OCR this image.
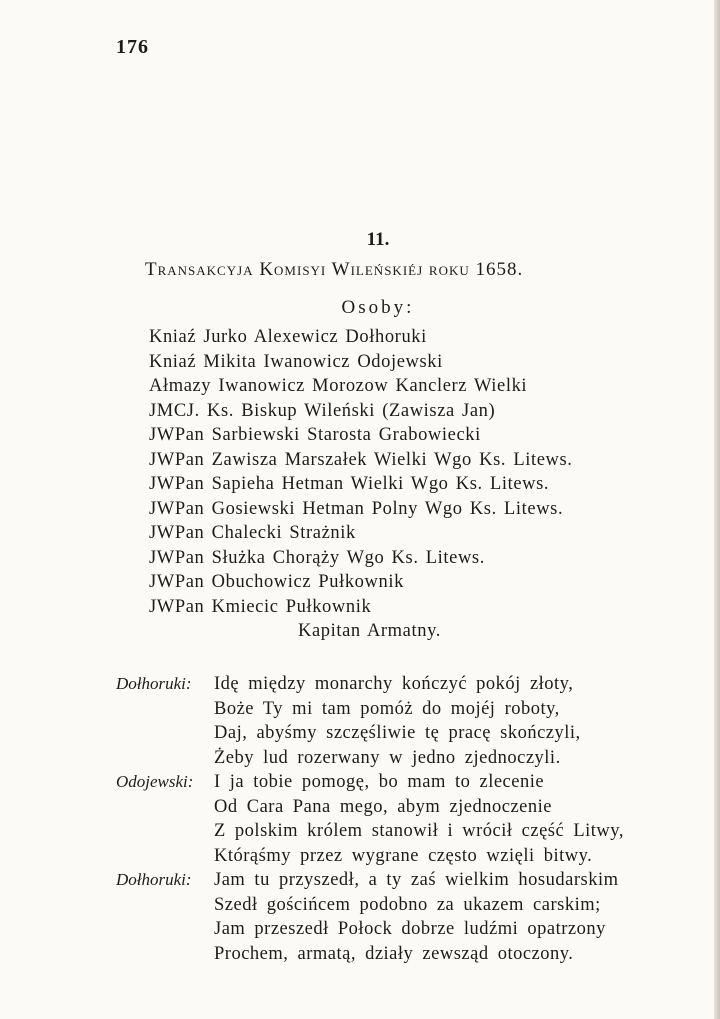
176
11.
Transakcyja Komisyi Wileńskiéj roku 1658.
Osoby:
Kniaź Jurko Alexewicz Dołhoruki
Kniaź Mikita Iwanowicz Odojewski
Ałmazy Iwanowicz Morozow Kanclerz Wielki
JMCJ. Ks. Biskup Wileński (Zawisza Jan)
JWPan Sarbiewski Starosta Grabowiecki
JWPan Zawisza Marszałek Wielki Wgo Ks. Litews.
JWPan Sapieha Hetman Wielki Wgo Ks. Litews.
JWPan Gosiewski Hetman Polny Wgo Ks. Litews.
JWPan Chalecki Strażnik
JWPan Służka Chorąży Wgo Ks. Litews.
JWPan Obuchowicz Pułkownik
JWPan Kmiecic Pułkownik
Kapitan Armatny.
Dołhoruki: Idę między monarchy kończyć pokój złoty,
Boże Ty mi tam pomóż do mojéj roboty,
Daj, abyśmy szczęśliwie tę pracę skończyli,
Żeby lud rozerwany w jedno zjednoczyli.
Odojewski: I ja tobie pomogę, bo mam to zlecenie
Od Cara Pana mego, abym zjednoczenie
Z polskim królem stanowił i wrócił część Litwy,
Którąśmy przez wygrane często wzięli bitwy.
Dołhoruki: Jam tu przyszedł, a ty zaś wielkim hosudarskim
Szedł gościńcem podobno za ukazem carskim;
Jam przeszedł Połock dobrze ludźmi opatrzony
Prochem, armatą, działy zewsząd otoczony.
